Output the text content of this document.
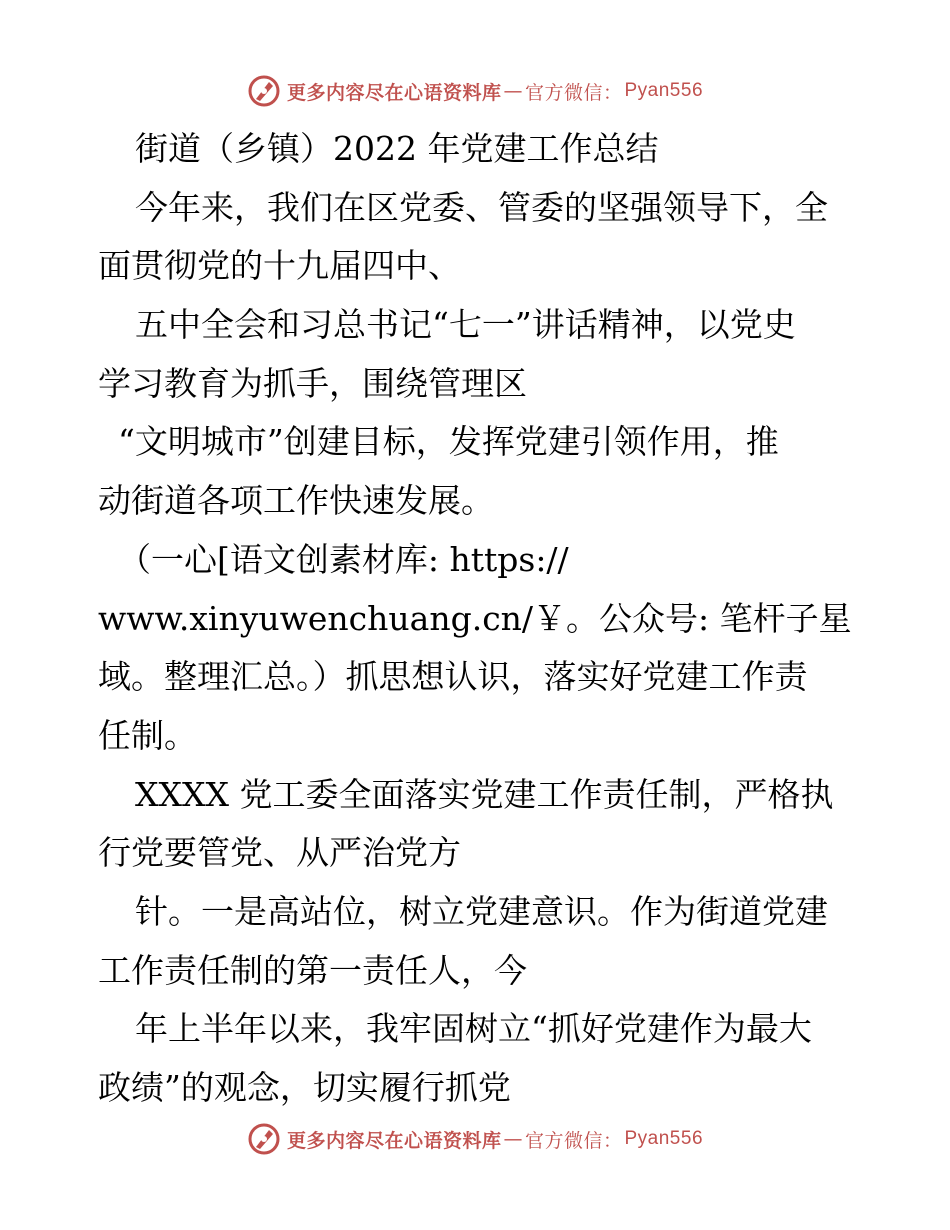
更多内容尽在心语资料库 — 官方微信： Pyan556
街道（乡镇）2022 年党建工作总结
今年来，我们在区党委、管委的坚强领导下，全
面贯彻党的十九届四中、
五中全会和习总书记“七一”讲话精神，以党史
学习教育为抓手，围绕管理区
“文明城市”创建目标，发挥党建引领作用，推
动街道各项工作快速发展。
（一心[语文创素材库: https://
www.xinyuwenchuang.cn/￥。公众号: 笔杆子星
域。整理汇总。）抓思想认识，落实好党建工作责
任制。
XXXX 党工委全面落实党建工作责任制，严格执
行党要管党、从严治党方
针。一是高站位，树立党建意识。作为街道党建
工作责任制的第一责任人，今
年上半年以来，我牢固树立“抓好党建作为最大
政绩”的观念，切实履行抓党
更多内容尽在心语资料库 — 官方微信： Pyan556
